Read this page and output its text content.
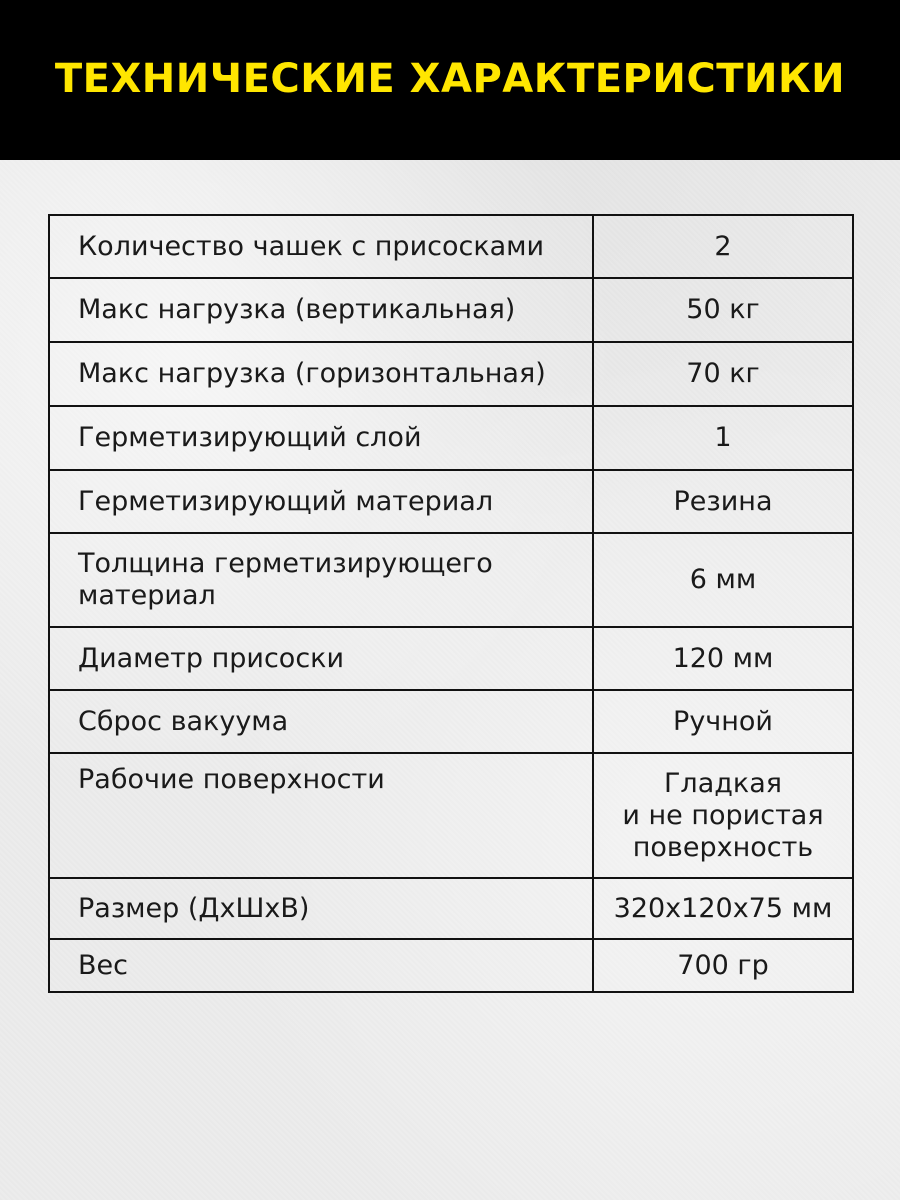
ТЕХНИЧЕСКИЕ ХАРАКТЕРИСТИКИ
Количество чашек с присосками	2

Макс нагрузка (вертикальная)	50 кг

Макс нагрузка (горизонтальная)	70 кг

Герметизирующий слой	1

Герметизирующий материал	Резина

Толщина герметизирующего
материал	6 мм

Диаметр присоски	120 мм

Сброс вакуума	Ручной

Рабочие поверхности	Гладкая
и не пористая
поверхность

Размер (ДхШхВ)	320х120х75 мм

Вес	700 гр
